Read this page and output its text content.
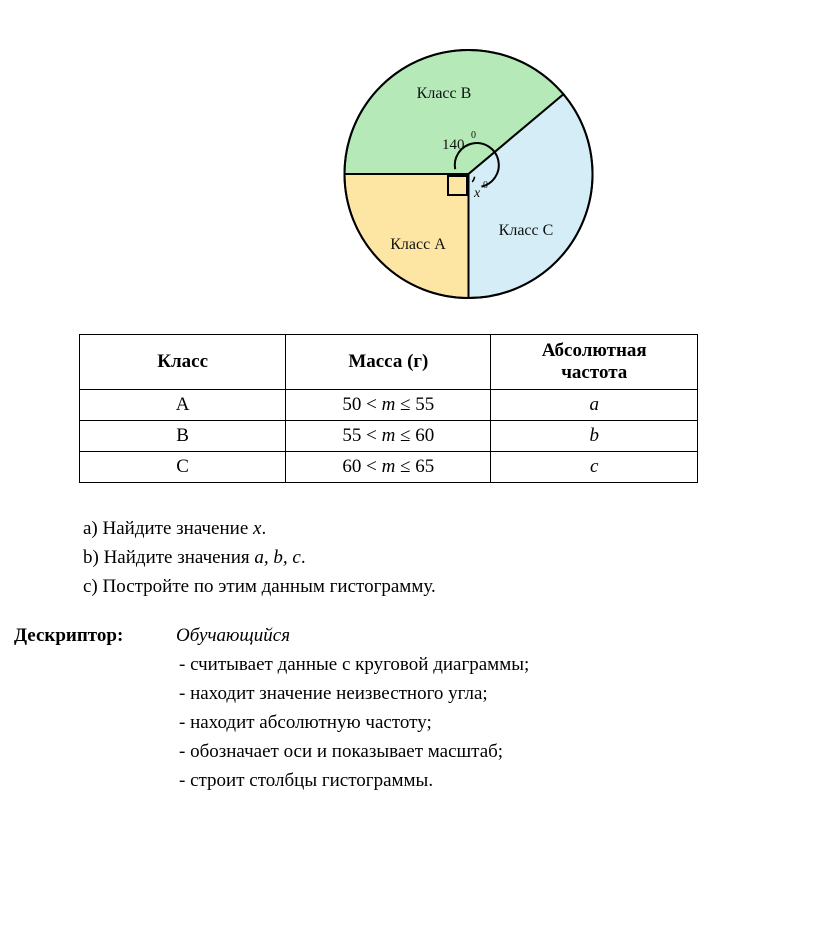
Класс B
Класс C
Класс A
140
0
x
0
Класс	Масса (г)	Абсолютная
частота
A	50 < m ≤ 55	a
B	55 < m ≤ 60	b
C	60 < m ≤ 65	c
a) Найдите значение x.
b) Найдите значения a, b, c.
c) Постройте по этим данным гистограмму.
Дескриптор:	Обучающийся
- считывает данные с круговой диаграммы;
- находит значение неизвестного угла;
- находит абсолютную частоту;
- обозначает оси и показывает масштаб;
- строит столбцы гистограммы.
